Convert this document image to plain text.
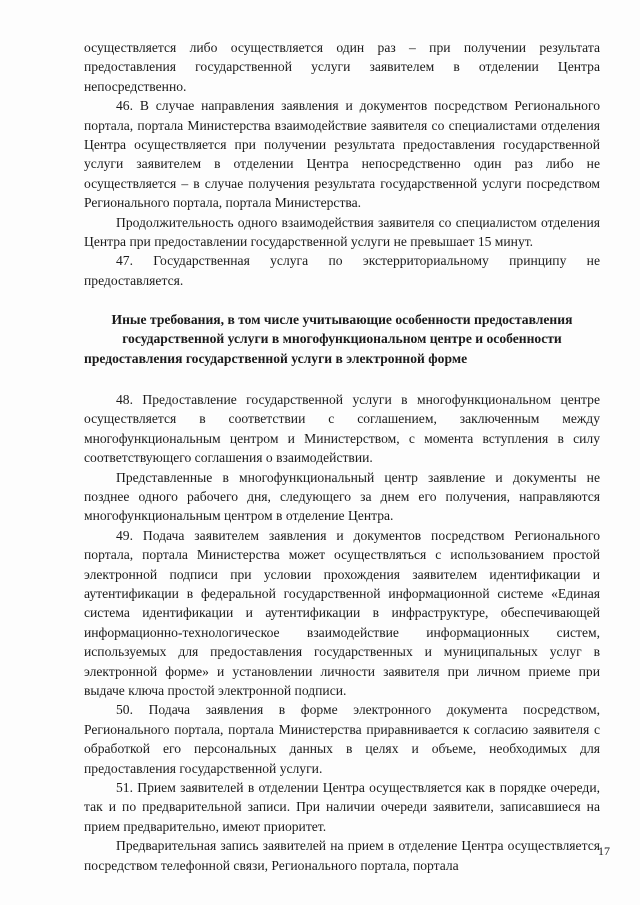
осуществляется либо осуществляется один раз – при получении результата предоставления государственной услуги заявителем в отделении Центра непосредственно.

46. В случае направления заявления и документов посредством Регионального портала, портала Министерства взаимодействие заявителя со специалистами отделения Центра осуществляется при получении результата предоставления государственной услуги заявителем в отделении Центра непосредственно один раз либо не осуществляется – в случае получения результата государственной услуги посредством Регионального портала, портала Министерства.

Продолжительность одного взаимодействия заявителя со специалистом отделения Центра при предоставлении государственной услуги не превышает 15 минут.

47. Государственная услуга по экстерриториальному принципу не предоставляется.

Иные требования, в том числе учитывающие особенности предоставления государственной услуги в многофункциональном центре и особенности предоставления государственной услуги в электронной форме

48. Предоставление государственной услуги в многофункциональном центре осуществляется в соответствии с соглашением, заключенным между многофункциональным центром и Министерством, с момента вступления в силу соответствующего соглашения о взаимодействии.

Представленные в многофункциональный центр заявление и документы не позднее одного рабочего дня, следующего за днем его получения, направляются многофункциональным центром в отделение Центра.

49. Подача заявителем заявления и документов посредством Регионального портала, портала Министерства может осуществляться с использованием простой электронной подписи при условии прохождения заявителем идентификации и аутентификации в федеральной государственной информационной системе «Единая система идентификации и аутентификации в инфраструктуре, обеспечивающей информационно-технологическое взаимодействие информационных систем, используемых для предоставления государственных и муниципальных услуг в электронной форме» и установлении личности заявителя при личном приеме при выдаче ключа простой электронной подписи.

50. Подача заявления в форме электронного документа посредством, Регионального портала, портала Министерства приравнивается к согласию заявителя с обработкой его персональных данных в целях и объеме, необходимых для предоставления государственной услуги.

51. Прием заявителей в отделении Центра осуществляется как в порядке очереди, так и по предварительной записи. При наличии очереди заявители, записавшиеся на прием предварительно, имеют приоритет.

Предварительная запись заявителей на прием в отделение Центра осуществляется посредством телефонной связи, Регионального портала, портала

17
